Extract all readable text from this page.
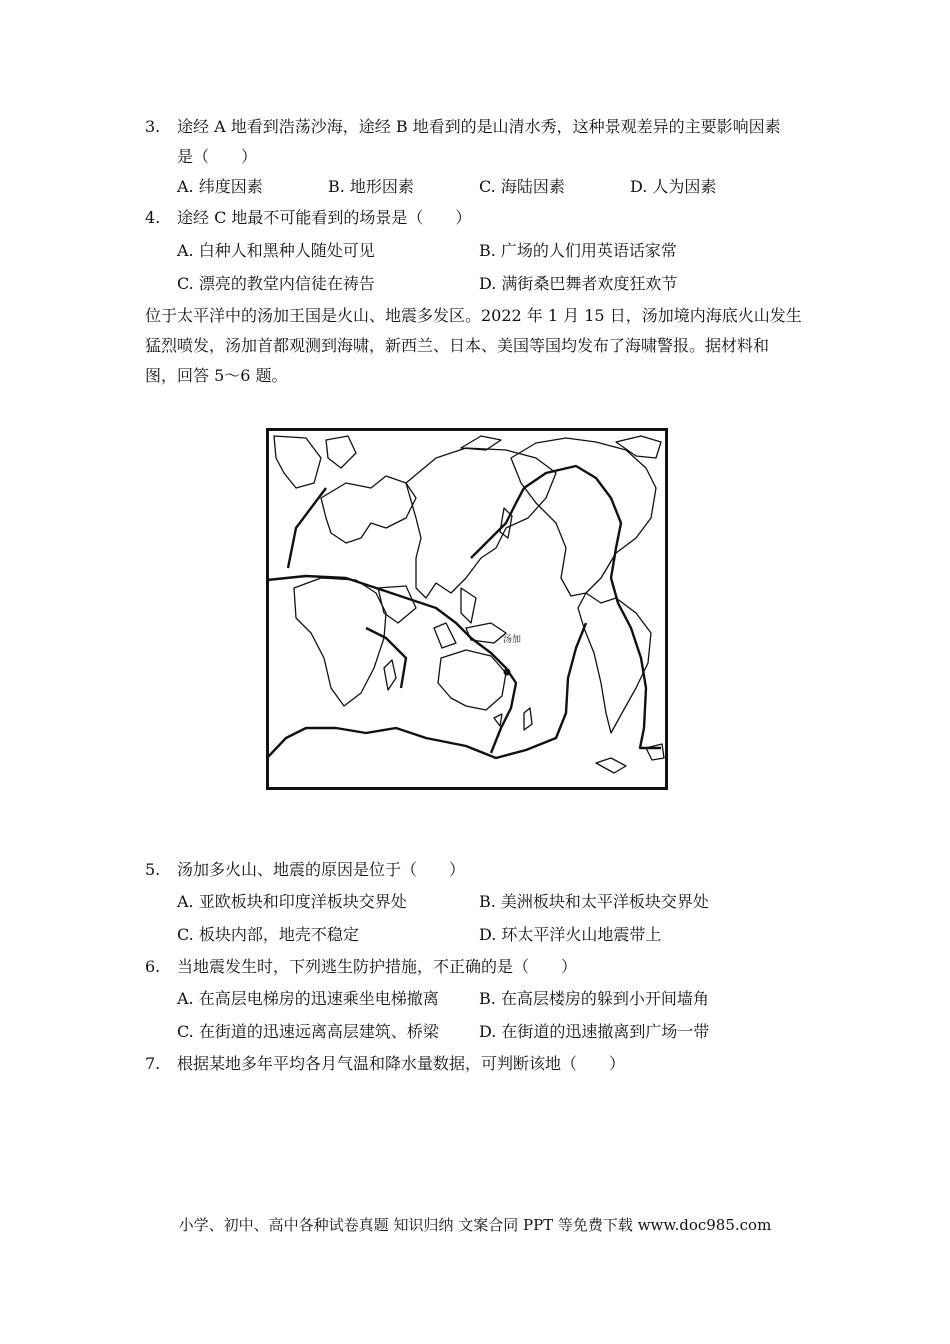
3. 途经 A 地看到浩荡沙海，途经 B 地看到的是山清水秀，这种景观差异的主要影响因素
是（　　）
A. 纬度因素	B. 地形因素	C. 海陆因素	D. 人为因素
4. 途经 C 地最不可能看到的场景是（　　）
A. 白种人和黑种人随处可见	B. 广场的人们用英语话家常
C. 漂亮的教堂内信徒在祷告	D. 满街桑巴舞者欢度狂欢节
位于太平洋中的汤加王国是火山、地震多发区。2022 年 1 月 15 日，汤加境内海底火山发生
猛烈喷发，汤加首都观测到海啸，新西兰、日本、美国等国均发布了海啸警报。据材料和
图，回答 5～6 题。
汤加
5. 汤加多火山、地震的原因是位于（　　）
A. 亚欧板块和印度洋板块交界处	B. 美洲板块和太平洋板块交界处
C. 板块内部，地壳不稳定	D. 环太平洋火山地震带上
6. 当地震发生时，下列逃生防护措施，不正确的是（　　）
A. 在高层电梯房的迅速乘坐电梯撤离	B. 在高层楼房的躲到小开间墙角
C. 在街道的迅速远离高层建筑、桥梁	D. 在街道的迅速撤离到广场一带
7. 根据某地多年平均各月气温和降水量数据，可判断该地（　　）
小学、初中、高中各种试卷真题 知识归纳 文案合同 PPT 等免费下载 www.doc985.com
